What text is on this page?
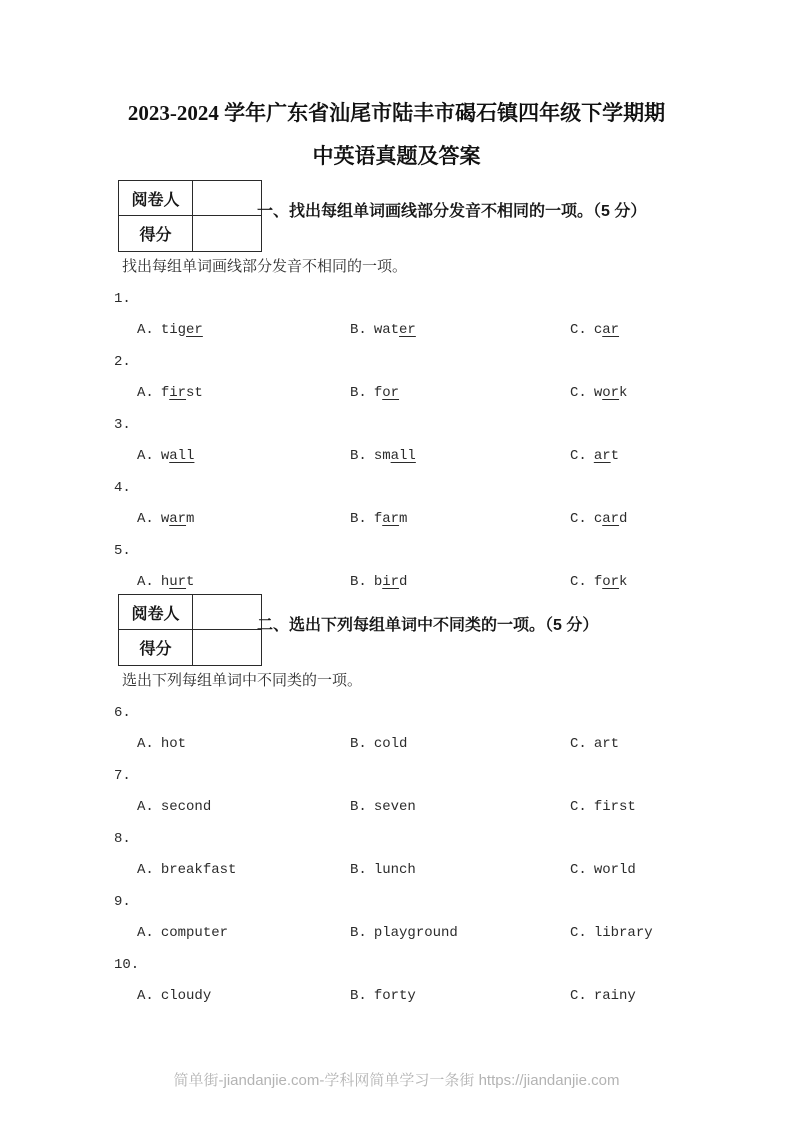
2023-2024 学年广东省汕尾市陆丰市碣石镇四年级下学期期
中英语真题及答案
阅卷人
得分
一、找出每组单词画线部分发音不相同的一项。（5 分）
找出每组单词画线部分发音不相同的一项。
1.
A. tiger	B. water	C. car
2.
A. first	B. for	C. work
3.
A. wall	B. small	C. art
4.
A. warm	B. farm	C. card
5.
A. hurt	B. bird	C. fork
阅卷人
得分
二、选出下列每组单词中不同类的一项。（5 分）
选出下列每组单词中不同类的一项。
6.
A. hot	B. cold	C. art
7.
A. second	B. seven	C. first
8.
A. breakfast	B. lunch	C. world
9.
A. computer	B. playground	C. library
10.
A. cloudy	B. forty	C. rainy
简单街-jiandanjie.com-学科网简单学习一条街 https://jiandanjie.com
